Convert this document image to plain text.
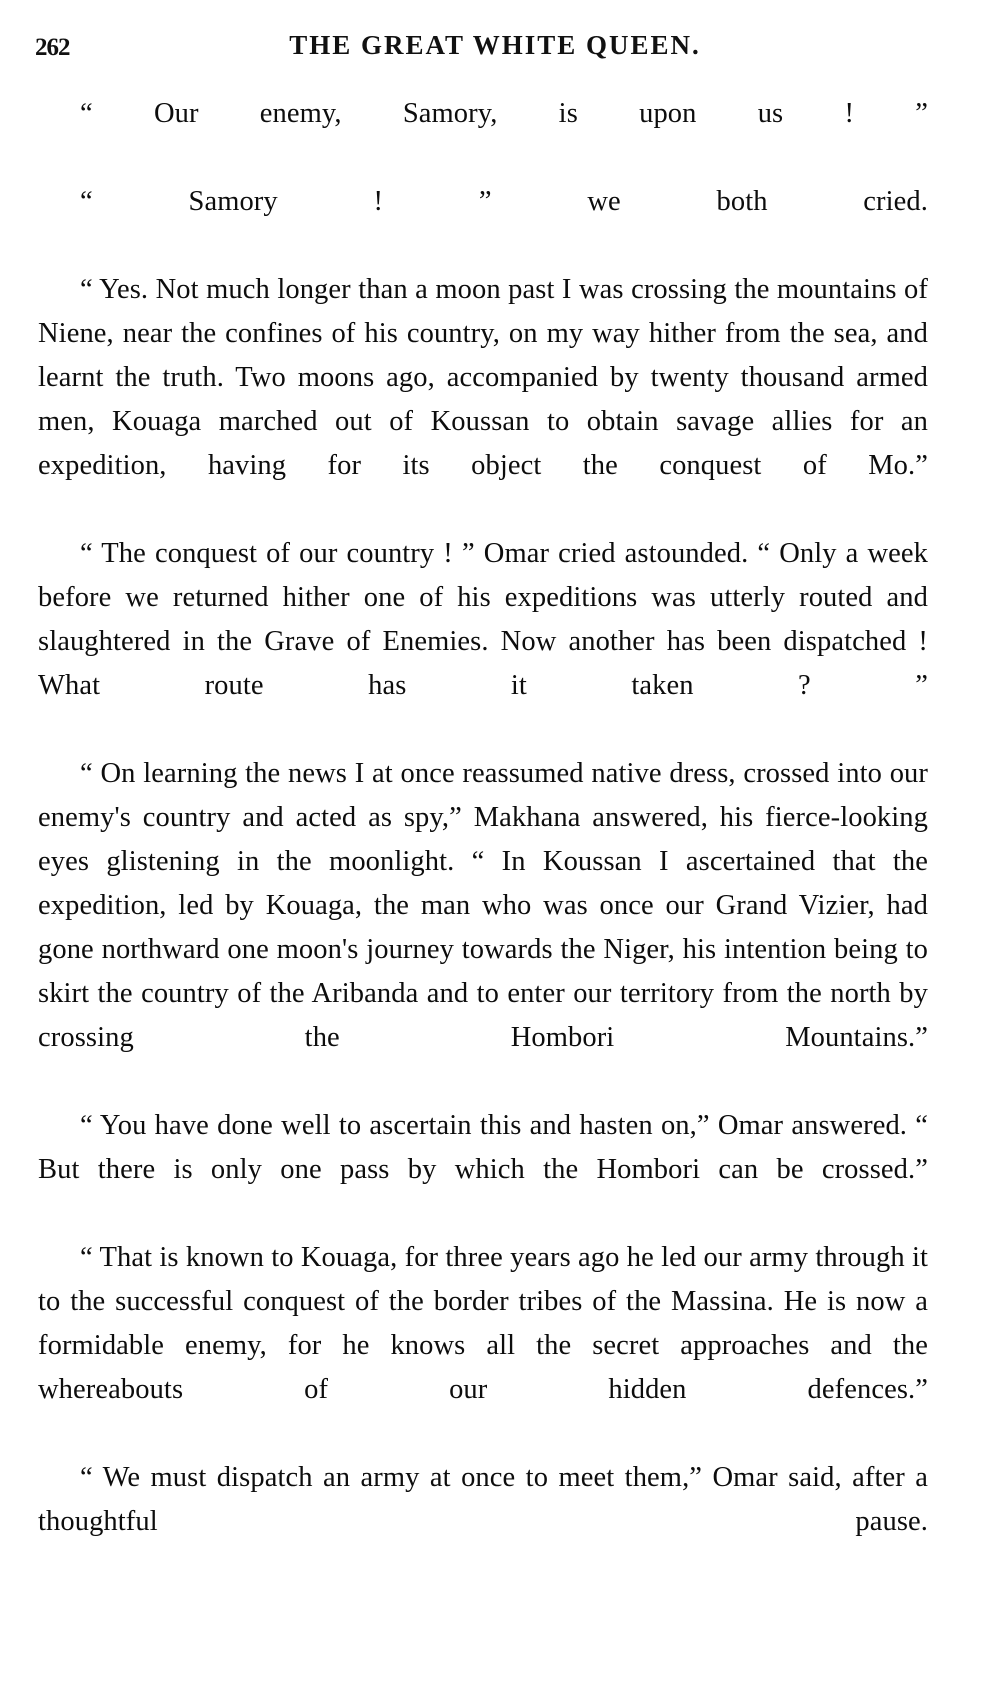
262	THE GREAT WHITE QUEEN.

“ Our enemy, Samory, is upon us ! ”

“ Samory ! ” we both cried.

“ Yes. Not much longer than a moon past I was crossing the mountains of Niene, near the confines of his country, on my way hither from the sea, and learnt the truth. Two moons ago, accompanied by twenty thousand armed men, Kouaga marched out of Koussan to obtain savage allies for an expedition, having for its object the conquest of Mo.”

“ The conquest of our country ! ” Omar cried astounded. “ Only a week before we returned hither one of his expeditions was utterly routed and slaughtered in the Grave of Enemies. Now another has been dispatched ! What route has it taken ? ”

“ On learning the news I at once reassumed native dress, crossed into our enemy's country and acted as spy,” Makhana answered, his fierce-looking eyes glistening in the moonlight. “ In Koussan I ascertained that the expedition, led by Kouaga, the man who was once our Grand Vizier, had gone northward one moon's journey towards the Niger, his intention being to skirt the country of the Aribanda and to enter our territory from the north by crossing the Hombori Mountains.”

“ You have done well to ascertain this and hasten on,” Omar answered. “ But there is only one pass by which the Hombori can be crossed.”

“ That is known to Kouaga, for three years ago he led our army through it to the successful conquest of the border tribes of the Massina. He is now a formidable enemy, for he knows all the secret approaches and the whereabouts of our hidden defences.”

“ We must dispatch an army at once to meet them,” Omar said, after a thoughtful pause.
